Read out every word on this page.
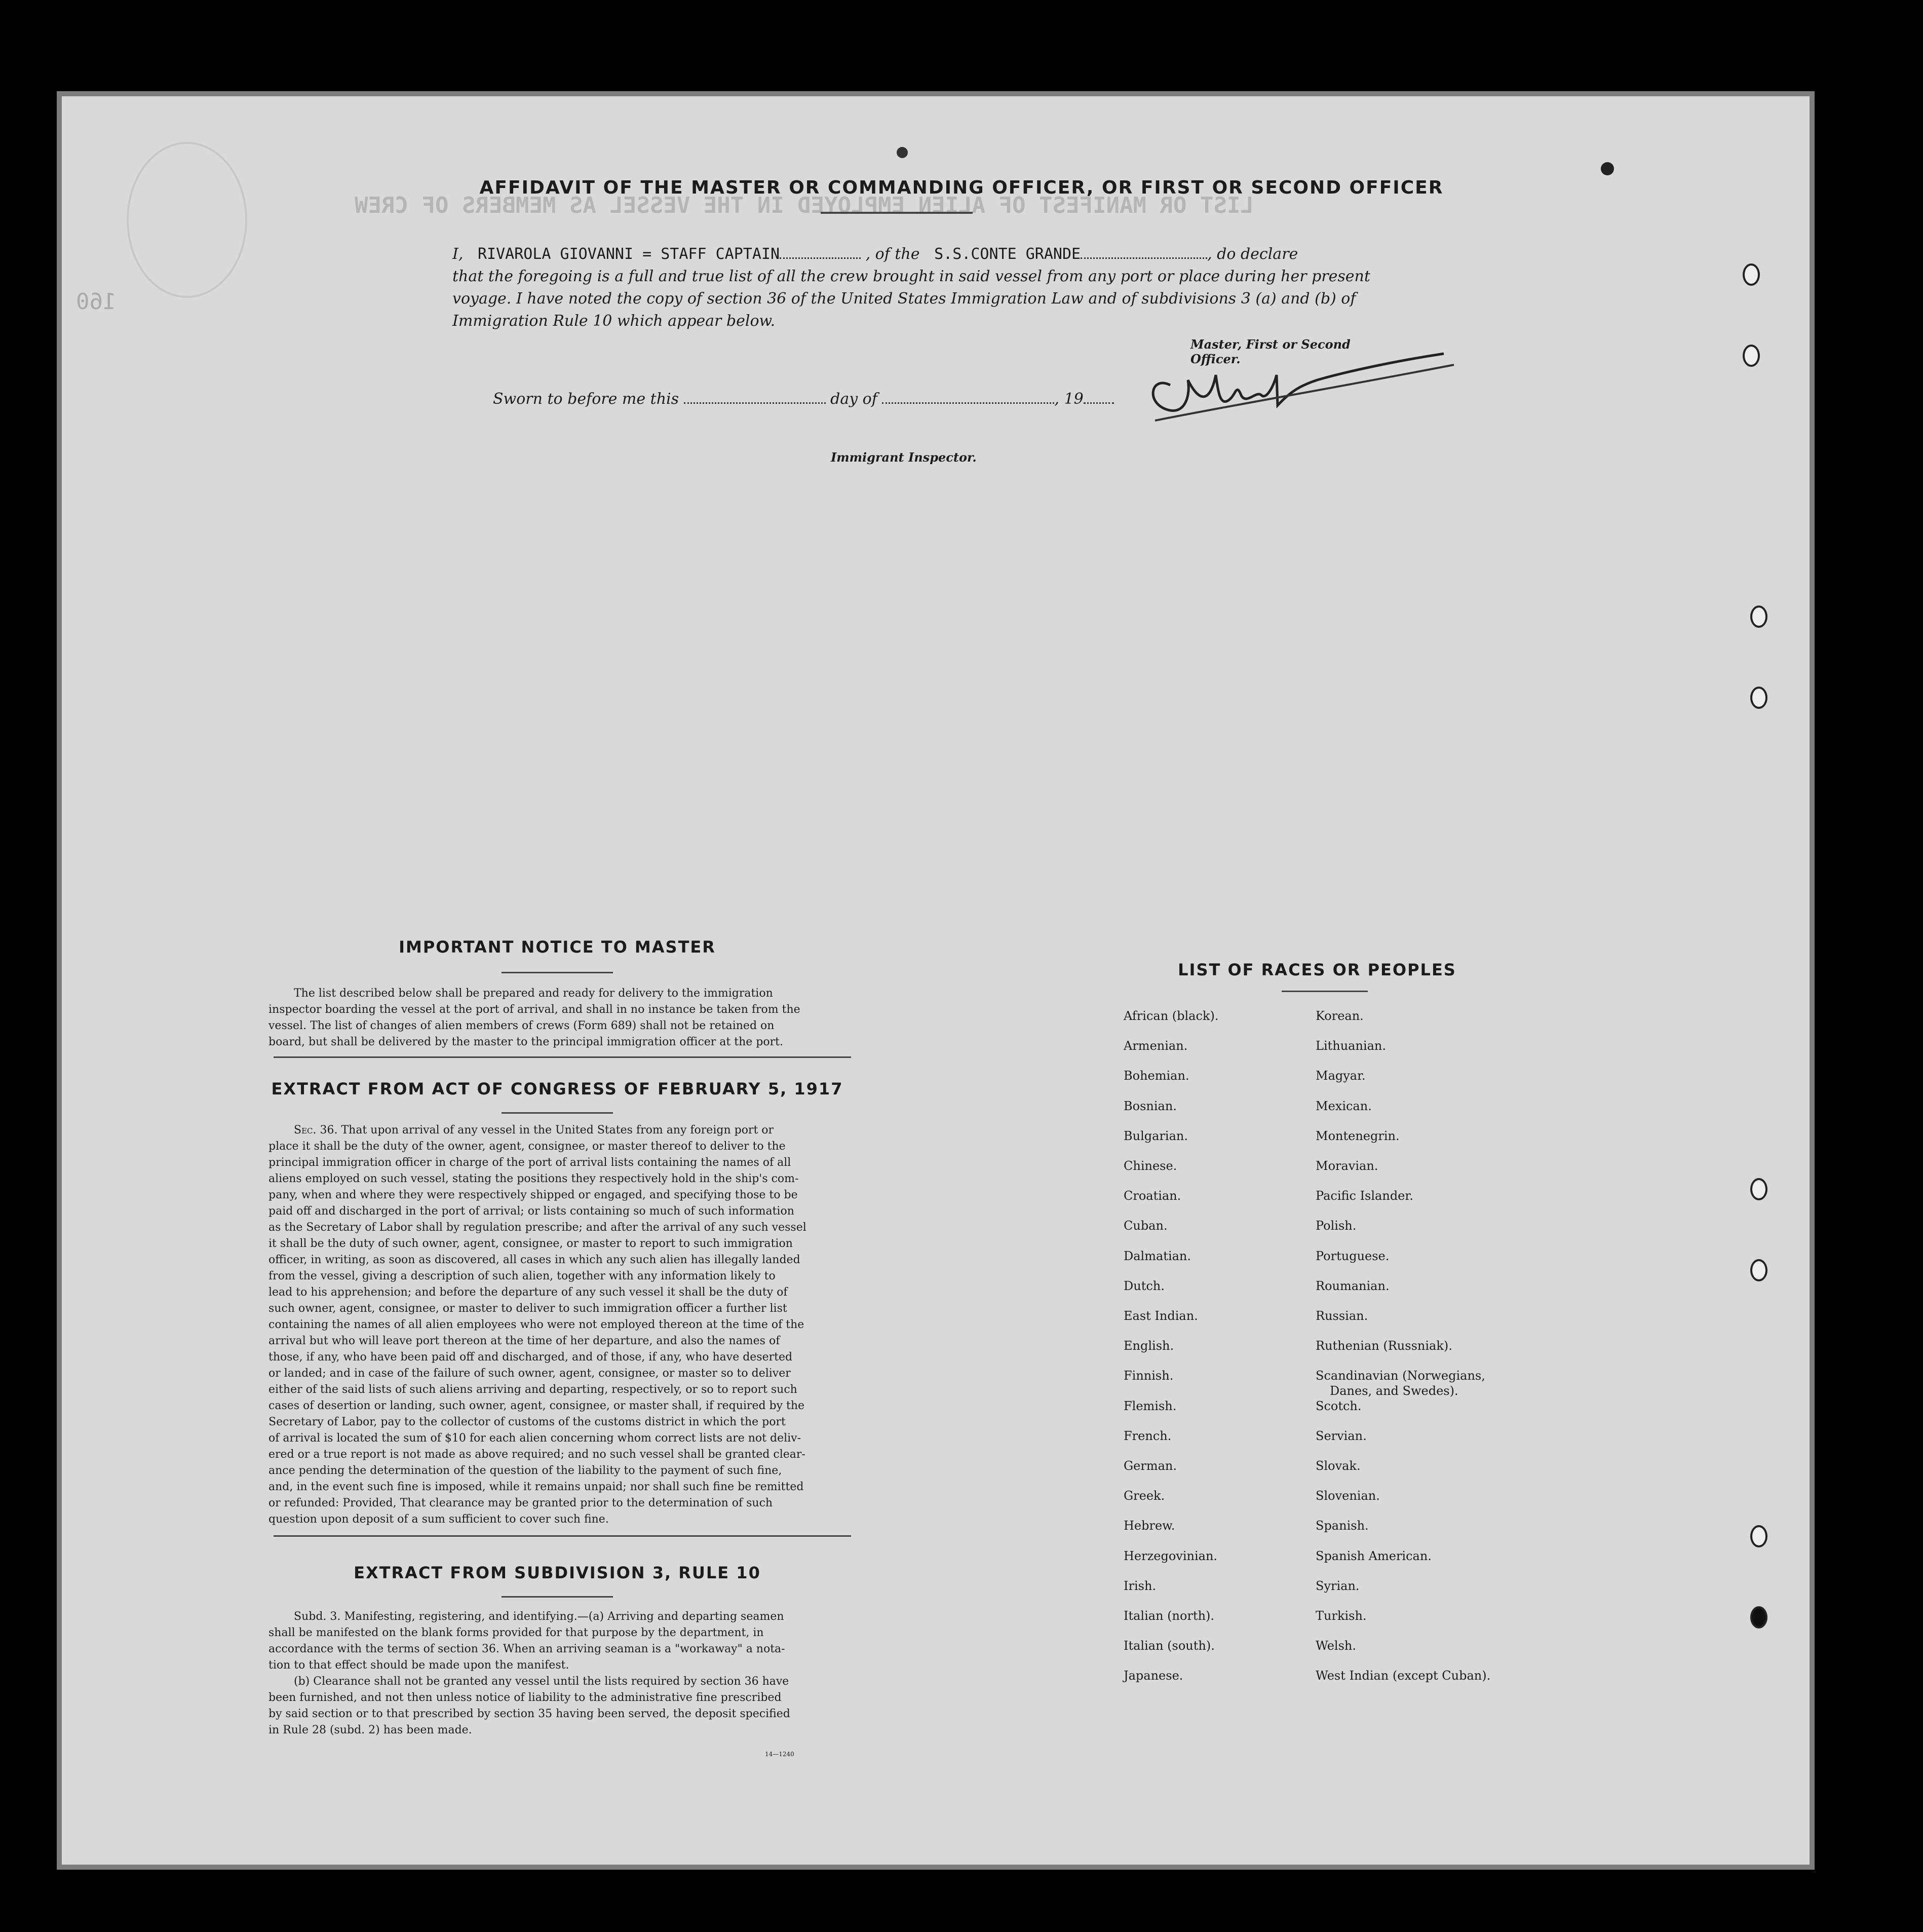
LIST OR MANIFEST OF ALIEN EMPLOYED IN THE VESSEL AS MEMBERS OF CREW
160
AFFIDAVIT OF THE MASTER OR COMMANDING OFFICER, OR FIRST OR SECOND OFFICER
I, RIVAROLA GIOVANNI = STAFF CAPTAIN	, of the S.S.CONTE GRANDE	, do declare
that the foregoing is a full and true list of all the crew brought in said vessel from any port or place during her present
voyage. I have noted the copy of section 36 of the United States Immigration Law and of subdivisions 3 (a) and (b) of
Immigration Rule 10 which appear below.
Master, First or Second Officer.
Sworn to before me this	day of	, 19
Immigrant Inspector.
IMPORTANT NOTICE TO MASTER
The list described below shall be prepared and ready for delivery to the immigration
inspector boarding the vessel at the port of arrival, and shall in no instance be taken from the
vessel. The list of changes of alien members of crews (Form 689) shall not be retained on
board, but shall be delivered by the master to the principal immigration officer at the port.
EXTRACT FROM ACT OF CONGRESS OF FEBRUARY 5, 1917
Sec. 36. That upon arrival of any vessel in the United States from any foreign port or
place it shall be the duty of the owner, agent, consignee, or master thereof to deliver to the
principal immigration officer in charge of the port of arrival lists containing the names of all
aliens employed on such vessel, stating the positions they respectively hold in the ship's com-
pany, when and where they were respectively shipped or engaged, and specifying those to be
paid off and discharged in the port of arrival; or lists containing so much of such information
as the Secretary of Labor shall by regulation prescribe; and after the arrival of any such vessel
it shall be the duty of such owner, agent, consignee, or master to report to such immigration
officer, in writing, as soon as discovered, all cases in which any such alien has illegally landed
from the vessel, giving a description of such alien, together with any information likely to
lead to his apprehension; and before the departure of any such vessel it shall be the duty of
such owner, agent, consignee, or master to deliver to such immigration officer a further list
containing the names of all alien employees who were not employed thereon at the time of the
arrival but who will leave port thereon at the time of her departure, and also the names of
those, if any, who have been paid off and discharged, and of those, if any, who have deserted
or landed; and in case of the failure of such owner, agent, consignee, or master so to deliver
either of the said lists of such aliens arriving and departing, respectively, or so to report such
cases of desertion or landing, such owner, agent, consignee, or master shall, if required by the
Secretary of Labor, pay to the collector of customs of the customs district in which the port
of arrival is located the sum of $10 for each alien concerning whom correct lists are not deliv-
ered or a true report is not made as above required; and no such vessel shall be granted clear-
ance pending the determination of the question of the liability to the payment of such fine,
and, in the event such fine is imposed, while it remains unpaid; nor shall such fine be remitted
or refunded: Provided, That clearance may be granted prior to the determination of such
question upon deposit of a sum sufficient to cover such fine.
EXTRACT FROM SUBDIVISION 3, RULE 10
Subd. 3. Manifesting, registering, and identifying.—(a) Arriving and departing seamen
shall be manifested on the blank forms provided for that purpose by the department, in
accordance with the terms of section 36. When an arriving seaman is a "workaway" a nota-
tion to that effect should be made upon the manifest.
(b) Clearance shall not be granted any vessel until the lists required by section 36 have
been furnished, and not then unless notice of liability to the administrative fine prescribed
by said section or to that prescribed by section 35 having been served, the deposit specified
in Rule 28 (subd. 2) has been made.
14—1240
LIST OF RACES OR PEOPLES
African (black).
Armenian.
Bohemian.
Bosnian.
Bulgarian.
Chinese.
Croatian.
Cuban.
Dalmatian.
Dutch.
East Indian.
English.
Finnish.
Flemish.
French.
German.
Greek.
Hebrew.
Herzegovinian.
Irish.
Italian (north).
Italian (south).
Japanese.
Korean.
Lithuanian.
Magyar.
Mexican.
Montenegrin.
Moravian.
Pacific Islander.
Polish.
Portuguese.
Roumanian.
Russian.
Ruthenian (Russniak).
Scandinavian (Norwegians,
Scotch.
Servian.
Slovak.
Slovenian.
Spanish.
Spanish American.
Syrian.
Turkish.
Welsh.
West Indian (except Cuban).
Danes, and Swedes).
